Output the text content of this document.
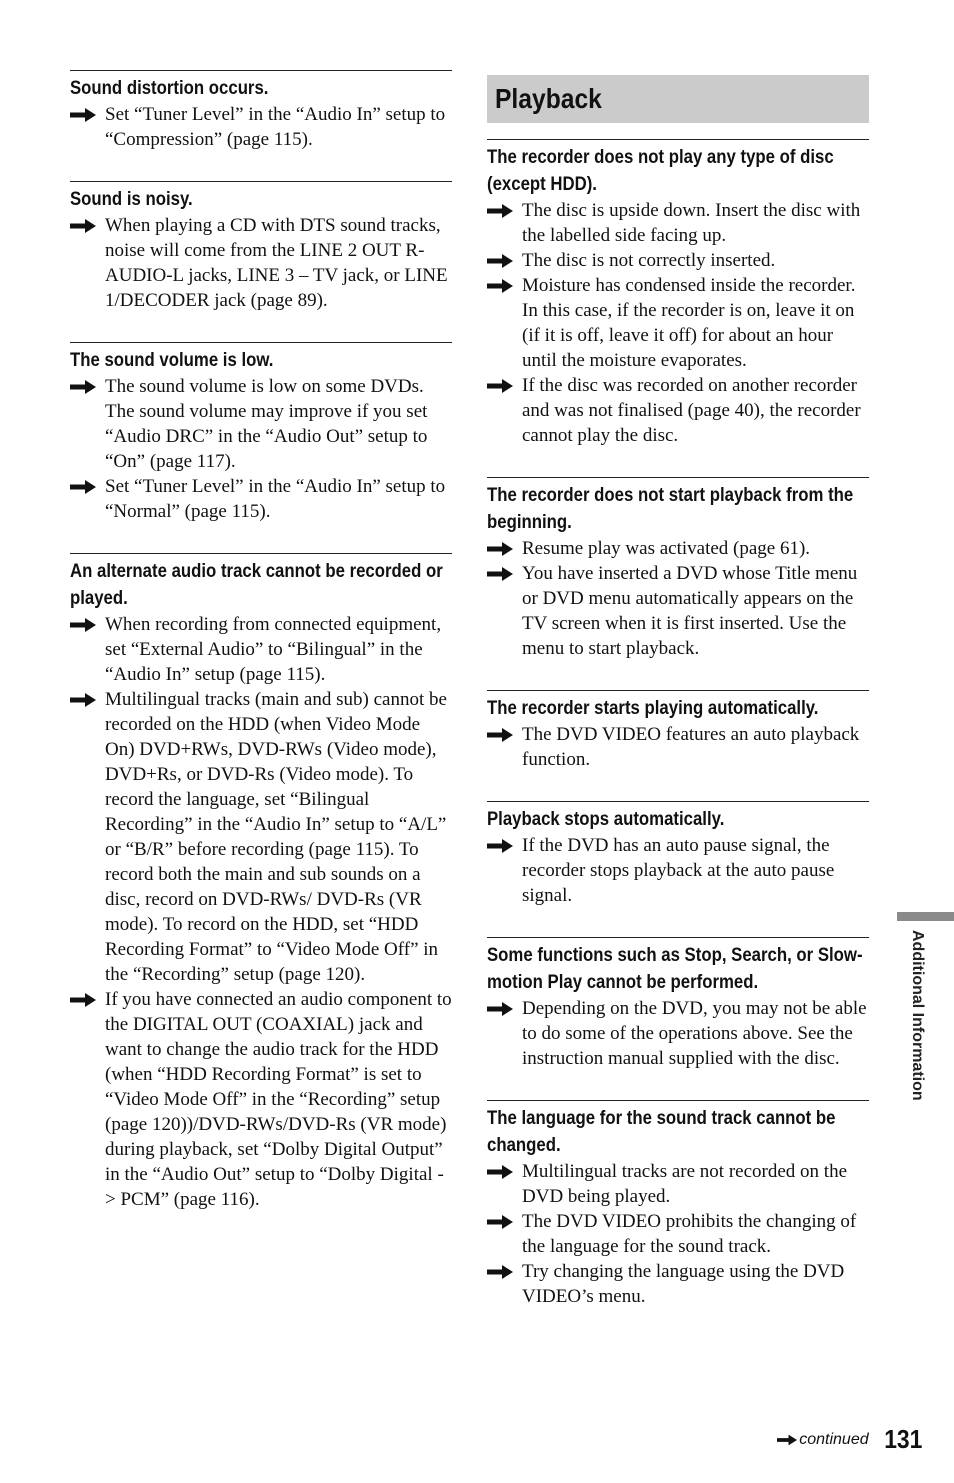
Sound distortion occurs.
Set “Tuner Level” in the “Audio In” setup to “Compression” (page 115).
Sound is noisy.
When playing a CD with DTS sound tracks, noise will come from the LINE 2 OUT R-AUDIO-L jacks, LINE 3 – TV jack, or LINE 1/DECODER jack (page 89).
The sound volume is low.
The sound volume is low on some DVDs. The sound volume may improve if you set “Audio DRC” in the “Audio Out” setup to “On” (page 117).
Set “Tuner Level” in the “Audio In” setup to “Normal” (page 115).
An alternate audio track cannot be recorded or played.
When recording from connected equipment, set “External Audio” to “Bilingual” in the “Audio In” setup (page 115).
Multilingual tracks (main and sub) cannot be recorded on the HDD (when Video Mode On) DVD+RWs, DVD-RWs (Video mode), DVD+Rs, or DVD-Rs (Video mode). To record the language, set “Bilingual Recording” in the “Audio In” setup to “A/L” or “B/R” before recording (page 115). To record both the main and sub sounds on a disc, record on DVD-RWs/ DVD-Rs (VR mode). To record on the HDD, set “HDD Recording Format” to “Video Mode Off” in the “Recording” setup (page 120).
If you have connected an audio component to the DIGITAL OUT (COAXIAL) jack and want to change the audio track for the HDD (when “HDD Recording Format” is set to “Video Mode Off” in the “Recording” setup (page 120))/DVD-RWs/DVD-Rs (VR mode) during playback, set “Dolby Digital Output” in the “Audio Out” setup to “Dolby Digital -> PCM” (page 116).
Playback
The recorder does not play any type of disc (except HDD).
The disc is upside down. Insert the disc with the labelled side facing up.
The disc is not correctly inserted.
Moisture has condensed inside the recorder. In this case, if the recorder is on, leave it on (if it is off, leave it off) for about an hour until the moisture evaporates.
If the disc was recorded on another recorder and was not finalised (page 40), the recorder cannot play the disc.
The recorder does not start playback from the beginning.
Resume play was activated (page 61).
You have inserted a DVD whose Title menu or DVD menu automatically appears on the TV screen when it is first inserted. Use the menu to start playback.
The recorder starts playing automatically.
The DVD VIDEO features an auto playback function.
Playback stops automatically.
If the DVD has an auto pause signal, the recorder stops playback at the auto pause signal.
Some functions such as Stop, Search, or Slow-motion Play cannot be performed.
Depending on the DVD, you may not be able to do some of the operations above. See the instruction manual supplied with the disc.
The language for the sound track cannot be changed.
Multilingual tracks are not recorded on the DVD being played.
The DVD VIDEO prohibits the changing of the language for the sound track.
Try changing the language using the DVD VIDEO’s menu.
Additional Information
continued 131
